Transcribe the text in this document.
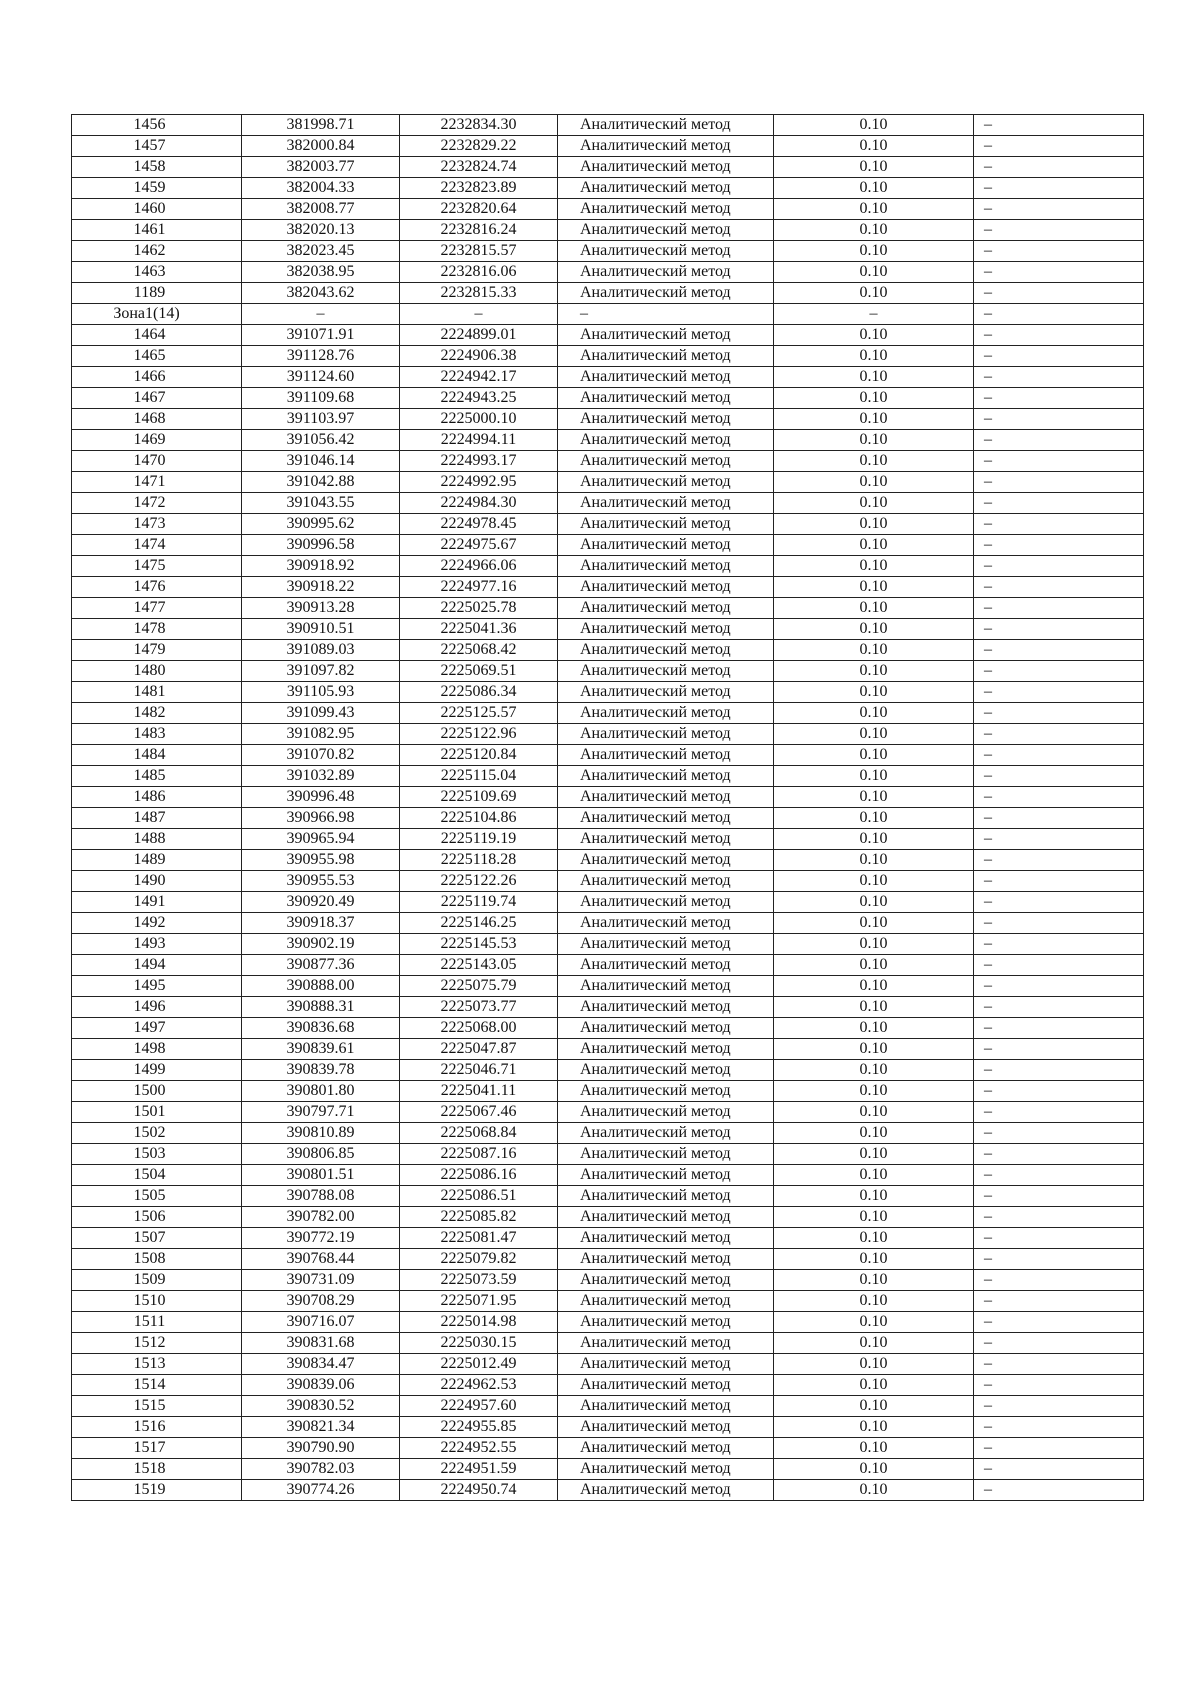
1456	381998.71	2232834.30	Аналитический метод	0.10	–
1457	382000.84	2232829.22	Аналитический метод	0.10	–
1458	382003.77	2232824.74	Аналитический метод	0.10	–
1459	382004.33	2232823.89	Аналитический метод	0.10	–
1460	382008.77	2232820.64	Аналитический метод	0.10	–
1461	382020.13	2232816.24	Аналитический метод	0.10	–
1462	382023.45	2232815.57	Аналитический метод	0.10	–
1463	382038.95	2232816.06	Аналитический метод	0.10	–
1189	382043.62	2232815.33	Аналитический метод	0.10	–
Зона1(14)	–	–	–	–	–
1464	391071.91	2224899.01	Аналитический метод	0.10	–
1465	391128.76	2224906.38	Аналитический метод	0.10	–
1466	391124.60	2224942.17	Аналитический метод	0.10	–
1467	391109.68	2224943.25	Аналитический метод	0.10	–
1468	391103.97	2225000.10	Аналитический метод	0.10	–
1469	391056.42	2224994.11	Аналитический метод	0.10	–
1470	391046.14	2224993.17	Аналитический метод	0.10	–
1471	391042.88	2224992.95	Аналитический метод	0.10	–
1472	391043.55	2224984.30	Аналитический метод	0.10	–
1473	390995.62	2224978.45	Аналитический метод	0.10	–
1474	390996.58	2224975.67	Аналитический метод	0.10	–
1475	390918.92	2224966.06	Аналитический метод	0.10	–
1476	390918.22	2224977.16	Аналитический метод	0.10	–
1477	390913.28	2225025.78	Аналитический метод	0.10	–
1478	390910.51	2225041.36	Аналитический метод	0.10	–
1479	391089.03	2225068.42	Аналитический метод	0.10	–
1480	391097.82	2225069.51	Аналитический метод	0.10	–
1481	391105.93	2225086.34	Аналитический метод	0.10	–
1482	391099.43	2225125.57	Аналитический метод	0.10	–
1483	391082.95	2225122.96	Аналитический метод	0.10	–
1484	391070.82	2225120.84	Аналитический метод	0.10	–
1485	391032.89	2225115.04	Аналитический метод	0.10	–
1486	390996.48	2225109.69	Аналитический метод	0.10	–
1487	390966.98	2225104.86	Аналитический метод	0.10	–
1488	390965.94	2225119.19	Аналитический метод	0.10	–
1489	390955.98	2225118.28	Аналитический метод	0.10	–
1490	390955.53	2225122.26	Аналитический метод	0.10	–
1491	390920.49	2225119.74	Аналитический метод	0.10	–
1492	390918.37	2225146.25	Аналитический метод	0.10	–
1493	390902.19	2225145.53	Аналитический метод	0.10	–
1494	390877.36	2225143.05	Аналитический метод	0.10	–
1495	390888.00	2225075.79	Аналитический метод	0.10	–
1496	390888.31	2225073.77	Аналитический метод	0.10	–
1497	390836.68	2225068.00	Аналитический метод	0.10	–
1498	390839.61	2225047.87	Аналитический метод	0.10	–
1499	390839.78	2225046.71	Аналитический метод	0.10	–
1500	390801.80	2225041.11	Аналитический метод	0.10	–
1501	390797.71	2225067.46	Аналитический метод	0.10	–
1502	390810.89	2225068.84	Аналитический метод	0.10	–
1503	390806.85	2225087.16	Аналитический метод	0.10	–
1504	390801.51	2225086.16	Аналитический метод	0.10	–
1505	390788.08	2225086.51	Аналитический метод	0.10	–
1506	390782.00	2225085.82	Аналитический метод	0.10	–
1507	390772.19	2225081.47	Аналитический метод	0.10	–
1508	390768.44	2225079.82	Аналитический метод	0.10	–
1509	390731.09	2225073.59	Аналитический метод	0.10	–
1510	390708.29	2225071.95	Аналитический метод	0.10	–
1511	390716.07	2225014.98	Аналитический метод	0.10	–
1512	390831.68	2225030.15	Аналитический метод	0.10	–
1513	390834.47	2225012.49	Аналитический метод	0.10	–
1514	390839.06	2224962.53	Аналитический метод	0.10	–
1515	390830.52	2224957.60	Аналитический метод	0.10	–
1516	390821.34	2224955.85	Аналитический метод	0.10	–
1517	390790.90	2224952.55	Аналитический метод	0.10	–
1518	390782.03	2224951.59	Аналитический метод	0.10	–
1519	390774.26	2224950.74	Аналитический метод	0.10	–
